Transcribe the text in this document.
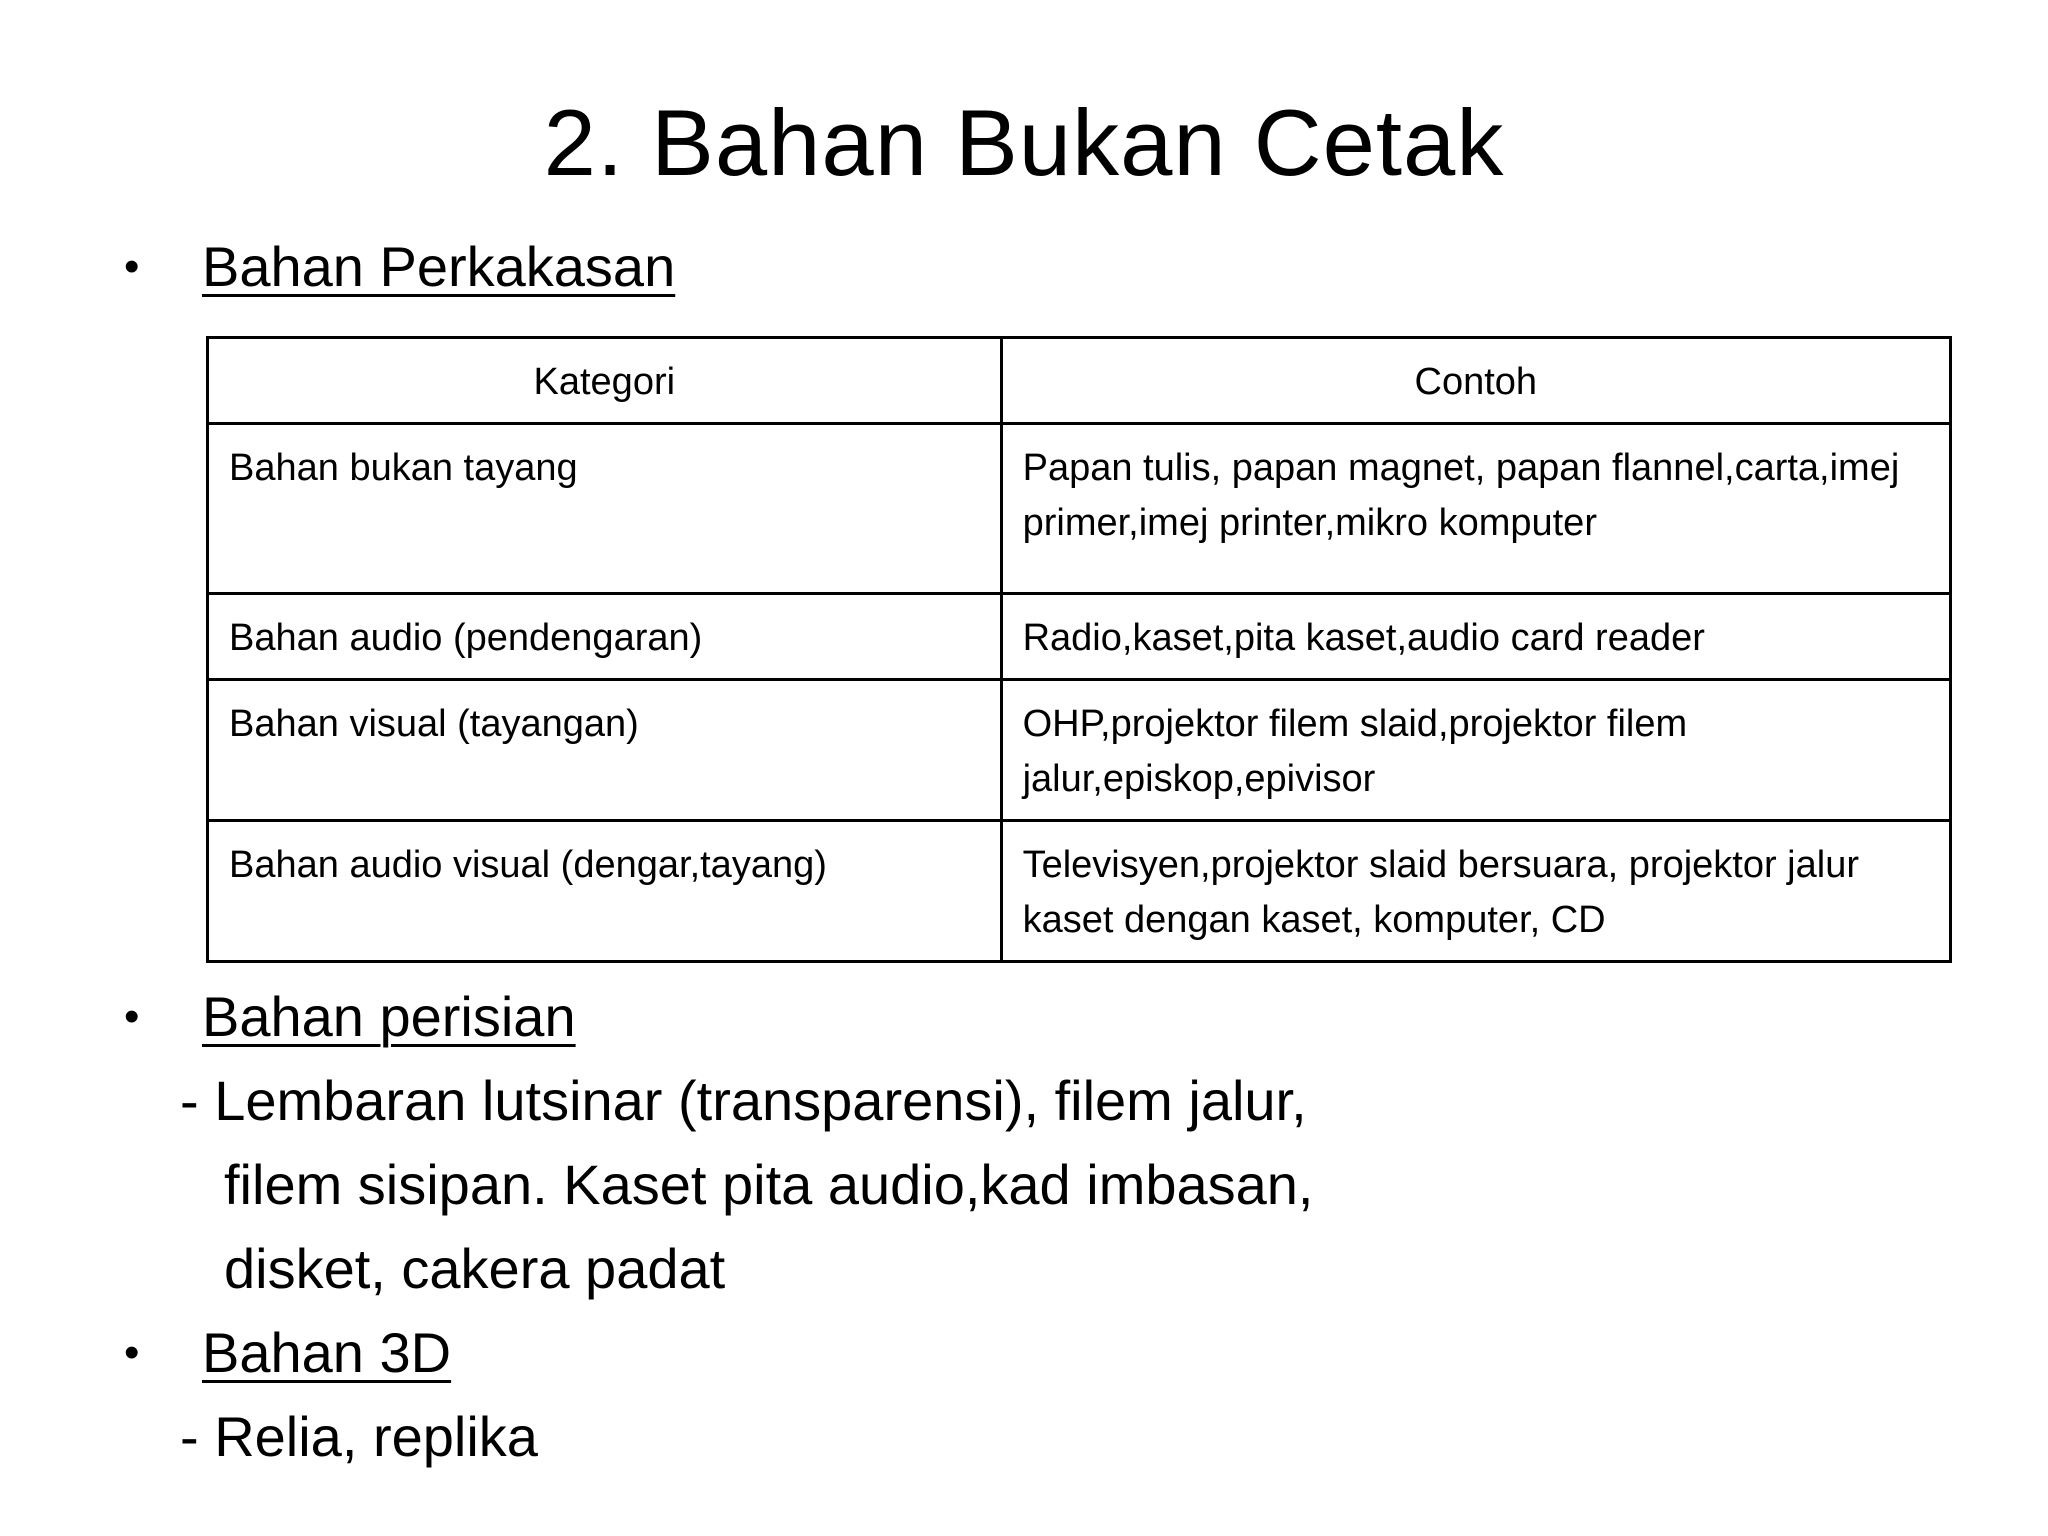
2. Bahan Bukan Cetak
• Bahan Perkakasan
Kategori	Contoh
Bahan bukan tayang	Papan tulis, papan magnet, papan flannel,carta,imej primer,imej printer,mikro komputer
Bahan audio (pendengaran)	Radio,kaset,pita kaset,audio card reader
Bahan visual (tayangan)	OHP,projektor filem slaid,projektor filem jalur,episkop,epivisor
Bahan audio visual (dengar,tayang)	Televisyen,projektor slaid bersuara, projektor jalur kaset dengan kaset, komputer, CD
• Bahan perisian
- Lembaran lutsinar (transparensi), filem jalur,
filem sisipan. Kaset pita audio,kad imbasan,
disket, cakera padat
• Bahan 3D
- Relia, replika
